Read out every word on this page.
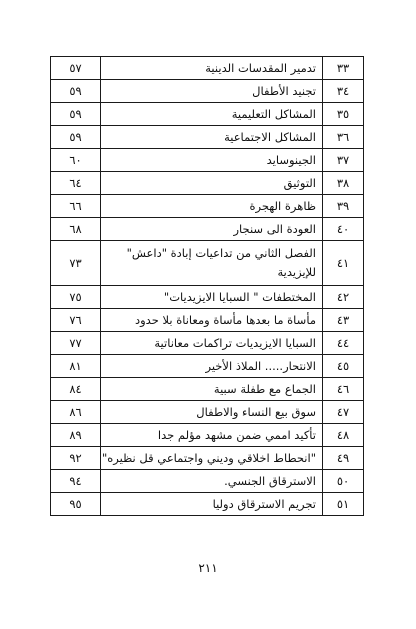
٣٣	تدمير المقدسات الدينية	٥٧
٣٤	تجنيد الأطفال	٥٩
٣٥	المشاكل التعليمية	٥٩
٣٦	المشاكل الاجتماعية	٥٩
٣٧	الجينوسايد	٦٠
٣٨	التوثيق	٦٤
٣٩	ظاهرة الهجرة	٦٦
٤٠	العودة الى سنجار	٦٨
٤١	الفصل الثاني من تداعيات إبادة "داعش" للإيزيدية	٧٣
٤٢	المختطفات " السبايا الايزيديات"	٧٥
٤٣	مأساة ما بعدها مأساة ومعاناة بلا حدود	٧٦
٤٤	السبايا الايزيديات تراكمات معاناتية	٧٧
٤٥	الانتحار..... الملاذ الأخير	٨١
٤٦	الجماع مع طفلة سبية	٨٤
٤٧	سوق بيع النساء والاطفال	٨٦
٤٨	تأكيد اممي ضمن مشهد مؤلم جدا	٨٩
٤٩	"انحطاط اخلاقي وديني واجتماعي قل نظيره"	٩٢
٥٠	الاسترقاق الجنسي.	٩٤
٥١	تجريم الاسترقاق دوليا	٩٥
٢١١
